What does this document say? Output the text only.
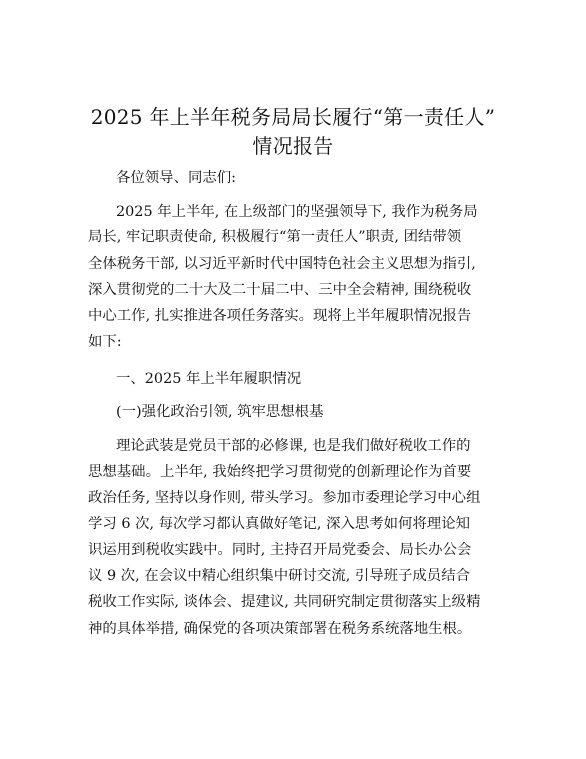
2025 年上半年税务局局长履行“第一责任人”
情况报告
各位领导、同志们:
2025 年上半年, 在上级部门的坚强领导下, 我作为税务局
局长, 牢记职责使命, 积极履行“第一责任人”职责, 团结带领
全体税务干部, 以习近平新时代中国特色社会主义思想为指引,
深入贯彻党的二十大及二十届二中、三中全会精神, 围绕税收
中心工作, 扎实推进各项任务落实。现将上半年履职情况报告
如下:
一、2025 年上半年履职情况
(一)强化政治引领, 筑牢思想根基
理论武装是党员干部的必修课, 也是我们做好税收工作的
思想基础。上半年, 我始终把学习贯彻党的创新理论作为首要
政治任务, 坚持以身作则, 带头学习。参加市委理论学习中心组
学习 6 次, 每次学习都认真做好笔记, 深入思考如何将理论知
识运用到税收实践中。同时, 主持召开局党委会、局长办公会
议 9 次, 在会议中精心组织集中研讨交流, 引导班子成员结合
税收工作实际, 谈体会、提建议, 共同研究制定贯彻落实上级精
神的具体举措, 确保党的各项决策部署在税务系统落地生根。
